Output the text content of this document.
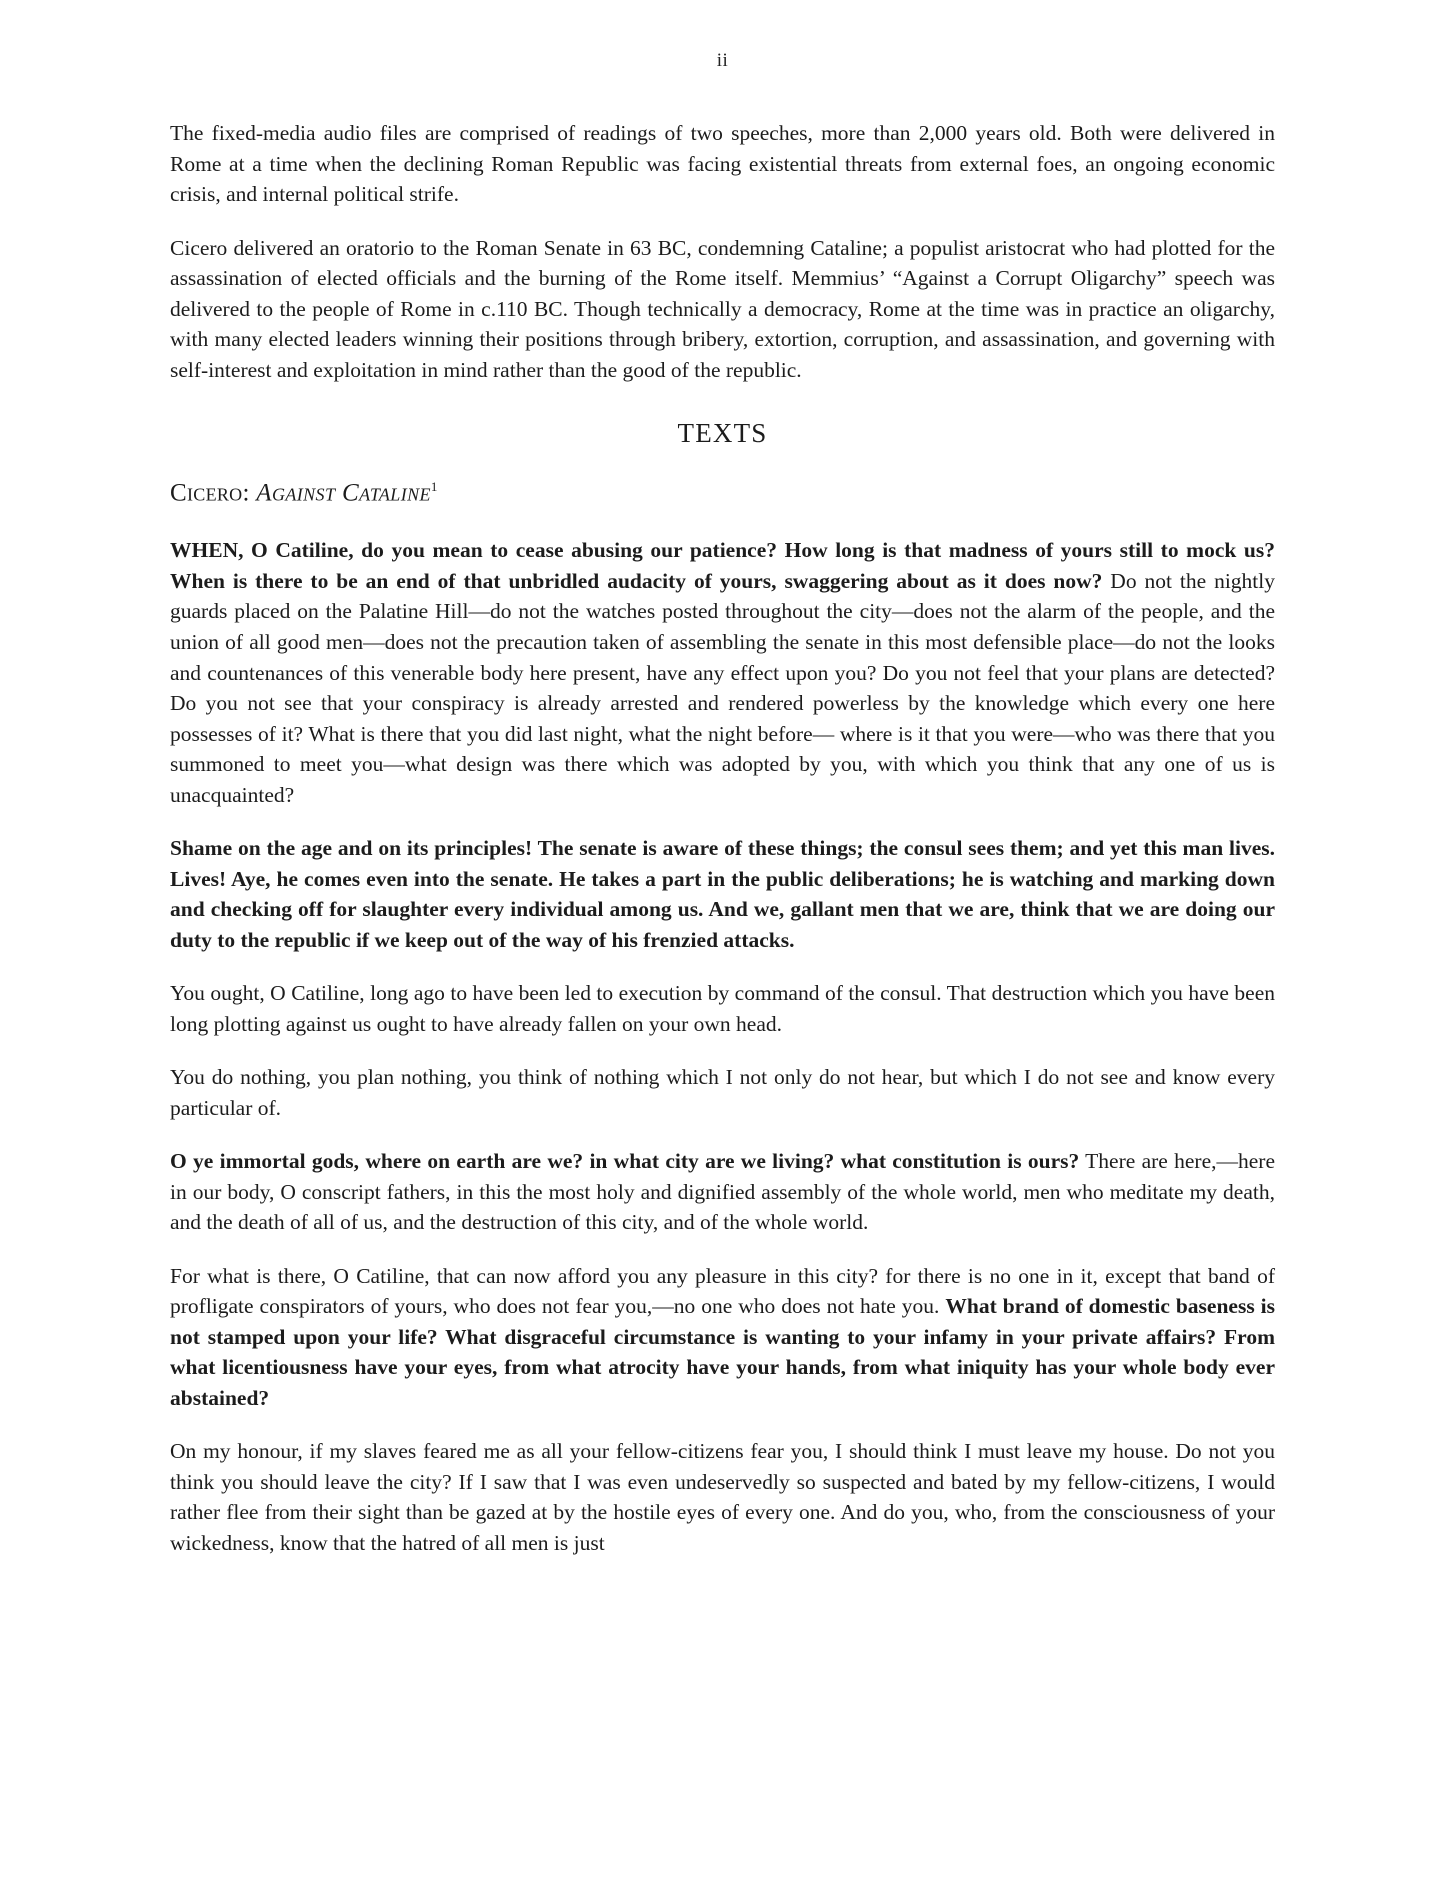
ii

The fixed-media audio files are comprised of readings of two speeches, more than 2,000 years old. Both were delivered in Rome at a time when the declining Roman Republic was facing existential threats from external foes, an ongoing economic crisis, and internal political strife.

Cicero delivered an oratorio to the Roman Senate in 63 BC, condemning Cataline; a populist aristocrat who had plotted for the assassination of elected officials and the burning of the Rome itself. Memmius’ “Against a Corrupt Oligarchy” speech was delivered to the people of Rome in c.110 BC. Though technically a democracy, Rome at the time was in practice an oligarchy, with many elected leaders winning their positions through bribery, extortion, corruption, and assassination, and governing with self-interest and exploitation in mind rather than the good of the republic.

TEXTS
Cicero: Against Cataline$^1$

WHEN, O Catiline, do you mean to cease abusing our patience? How long is that madness of yours still to mock us? When is there to be an end of that unbridled audacity of yours, swaggering about as it does now? Do not the nightly guards placed on the Palatine Hill—do not the watches posted throughout the city—does not the alarm of the people, and the union of all good men—does not the precaution taken of assembling the senate in this most defensible place—do not the looks and countenances of this venerable body here present, have any effect upon you? Do you not feel that your plans are detected? Do you not see that your conspiracy is already arrested and rendered powerless by the knowledge which every one here possesses of it? What is there that you did last night, what the night before— where is it that you were—who was there that you summoned to meet you—what design was there which was adopted by you, with which you think that any one of us is unacquainted?

Shame on the age and on its principles! The senate is aware of these things; the consul sees them; and yet this man lives. Lives! Aye, he comes even into the senate. He takes a part in the public deliberations; he is watching and marking down and checking off for slaughter every individual among us. And we, gallant men that we are, think that we are doing our duty to the republic if we keep out of the way of his frenzied attacks.

You ought, O Catiline, long ago to have been led to execution by command of the consul. That destruction which you have been long plotting against us ought to have already fallen on your own head.

You do nothing, you plan nothing, you think of nothing which I not only do not hear, but which I do not see and know every particular of.

O ye immortal gods, where on earth are we? in what city are we living? what constitution is ours? There are here,—here in our body, O conscript fathers, in this the most holy and dignified assembly of the whole world, men who meditate my death, and the death of all of us, and the destruction of this city, and of the whole world.

For what is there, O Catiline, that can now afford you any pleasure in this city? for there is no one in it, except that band of profligate conspirators of yours, who does not fear you,—no one who does not hate you. What brand of domestic baseness is not stamped upon your life? What disgraceful circumstance is wanting to your infamy in your private affairs? From what licentiousness have your eyes, from what atrocity have your hands, from what iniquity has your whole body ever abstained?

On my honour, if my slaves feared me as all your fellow-citizens fear you, I should think I must leave my house. Do not you think you should leave the city? If I saw that I was even undeservedly so suspected and bated by my fellow-citizens, I would rather flee from their sight than be gazed at by the hostile eyes of every one. And do you, who, from the consciousness of your wickedness, know that the hatred of all men is just
